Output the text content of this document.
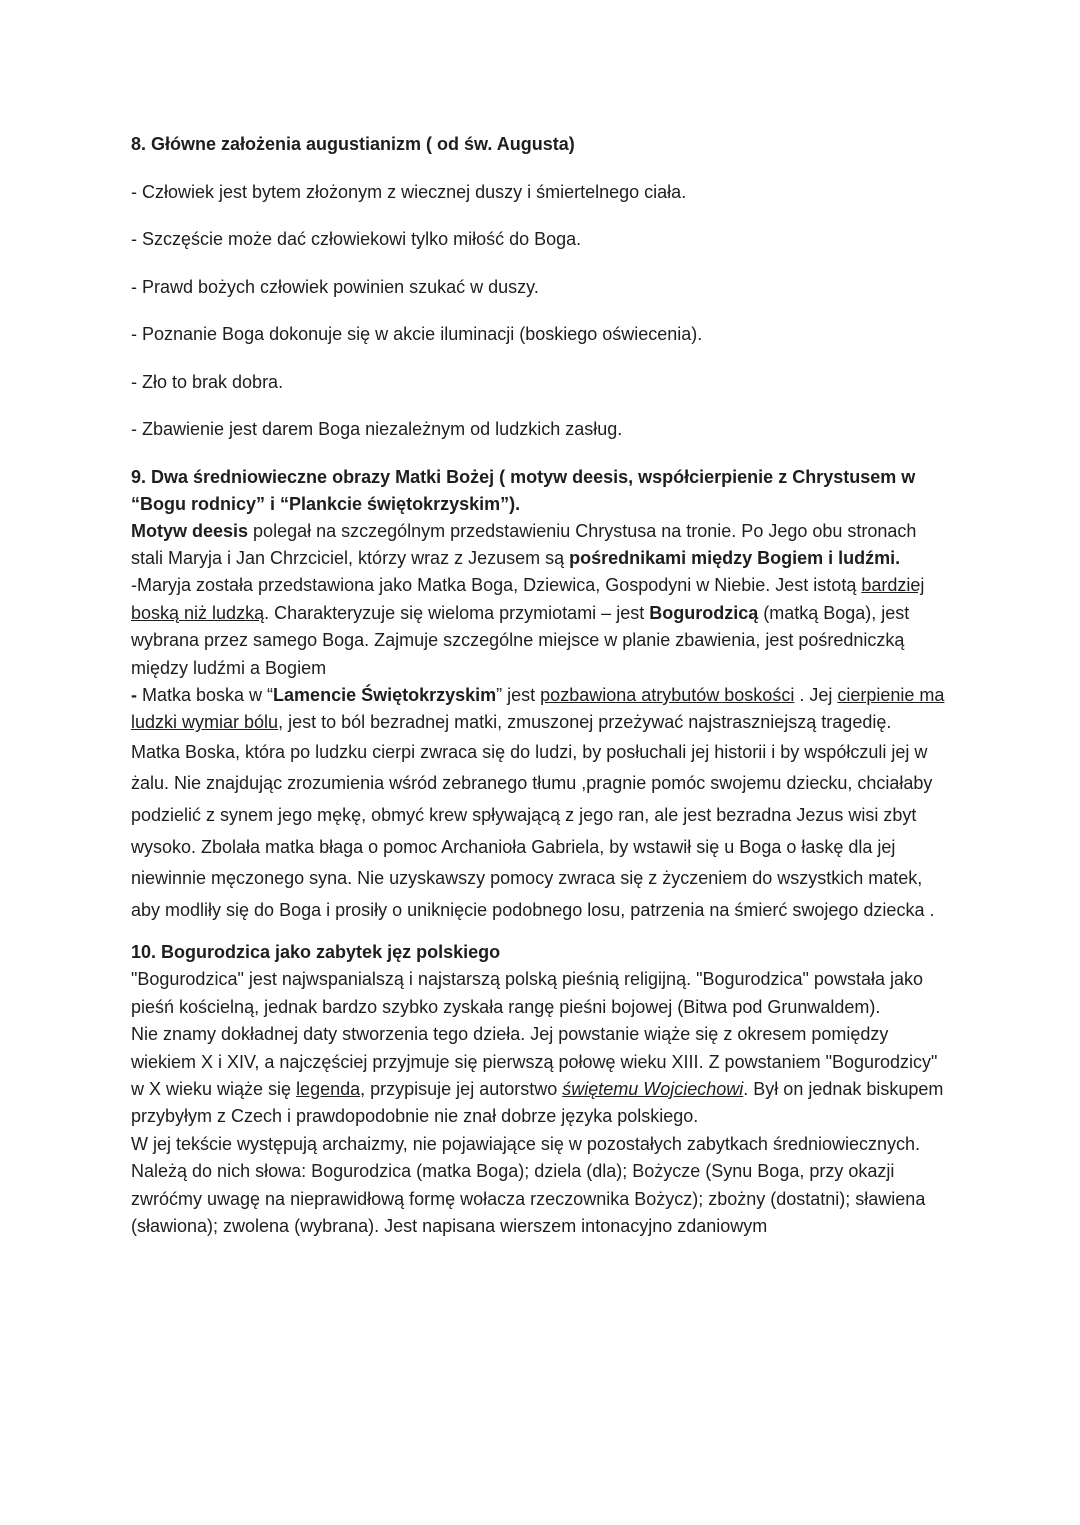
8. Główne założenia augustianizm ( od św. Augusta)

- Człowiek jest bytem złożonym z wiecznej duszy i śmiertelnego ciała.

- Szczęście może dać człowiekowi tylko miłość do Boga.

- Prawd bożych człowiek powinien szukać w duszy.

- Poznanie Boga dokonuje się w akcie iluminacji (boskiego oświecenia).

- Zło to brak dobra.

- Zbawienie jest darem Boga niezależnym od ludzkich zasług.

9. Dwa średniowieczne obrazy Matki Bożej ( motyw deesis, współcierpienie z Chrystusem w “Bogu rodnicy” i “Plankcie świętokrzyskim”).

Motyw deesis polegał na szczególnym przedstawieniu Chrystusa na tronie. Po Jego obu stronach stali Maryja i Jan Chrzciciel, którzy wraz z Jezusem są pośrednikami między Bogiem i ludźmi.

-Maryja została przedstawiona jako Matka Boga, Dziewica, Gospodyni w Niebie. Jest istotą bardziej boską niż ludzką. Charakteryzuje się wieloma przymiotami – jest Bogurodzicą (matką Boga), jest wybrana przez samego Boga. Zajmuje szczególne miejsce w planie zbawienia, jest pośredniczką między ludźmi a Bogiem

- Matka boska w “Lamencie Świętokrzyskim” jest pozbawiona atrybutów boskości . Jej cierpienie ma ludzki wymiar bólu, jest to ból bezradnej matki, zmuszonej przeżywać najstraszniejszą tragedię.

Matka Boska, która po ludzku cierpi zwraca się do ludzi, by posłuchali jej historii i by współczuli jej w żalu. Nie znajdując zrozumienia wśród zebranego tłumu ,pragnie pomóc swojemu dziecku, chciałaby podzielić z synem jego mękę, obmyć krew spływającą z jego ran, ale jest bezradna Jezus wisi zbyt wysoko. Zbolała matka błaga o pomoc Archanioła Gabriela, by wstawił się u Boga o łaskę dla jej niewinnie męczonego syna. Nie uzyskawszy pomocy zwraca się z życzeniem do wszystkich matek, aby modliły się do Boga i prosiły o uniknięcie podobnego losu, patrzenia na śmierć swojego dziecka .

10. Bogurodzica jako zabytek jęz polskiego

"Bogurodzica" jest najwspanialszą i najstarszą polską pieśnią religijną. "Bogurodzica" powstała jako pieśń kościelną, jednak bardzo szybko zyskała rangę pieśni bojowej (Bitwa pod Grunwaldem).

Nie znamy dokładnej daty stworzenia tego dzieła. Jej powstanie wiąże się z okresem pomiędzy wiekiem X i XIV, a najczęściej przyjmuje się pierwszą połowę wieku XIII. Z powstaniem "Bogurodzicy" w X wieku wiąże się legenda, przypisuje jej autorstwo świętemu Wojciechowi. Był on jednak biskupem przybyłym z Czech i prawdopodobnie nie znał dobrze języka polskiego.

W jej tekście występują archaizmy, nie pojawiające się w pozostałych zabytkach średniowiecznych. Należą do nich słowa: Bogurodzica (matka Boga); dziela (dla); Bożycze (Synu Boga, przy okazji zwróćmy uwagę na nieprawidłową formę wołacza rzeczownika Bożycz); zbożny (dostatni); sławiena (sławiona); zwolena (wybrana). Jest napisana wierszem intonacyjno zdaniowym
